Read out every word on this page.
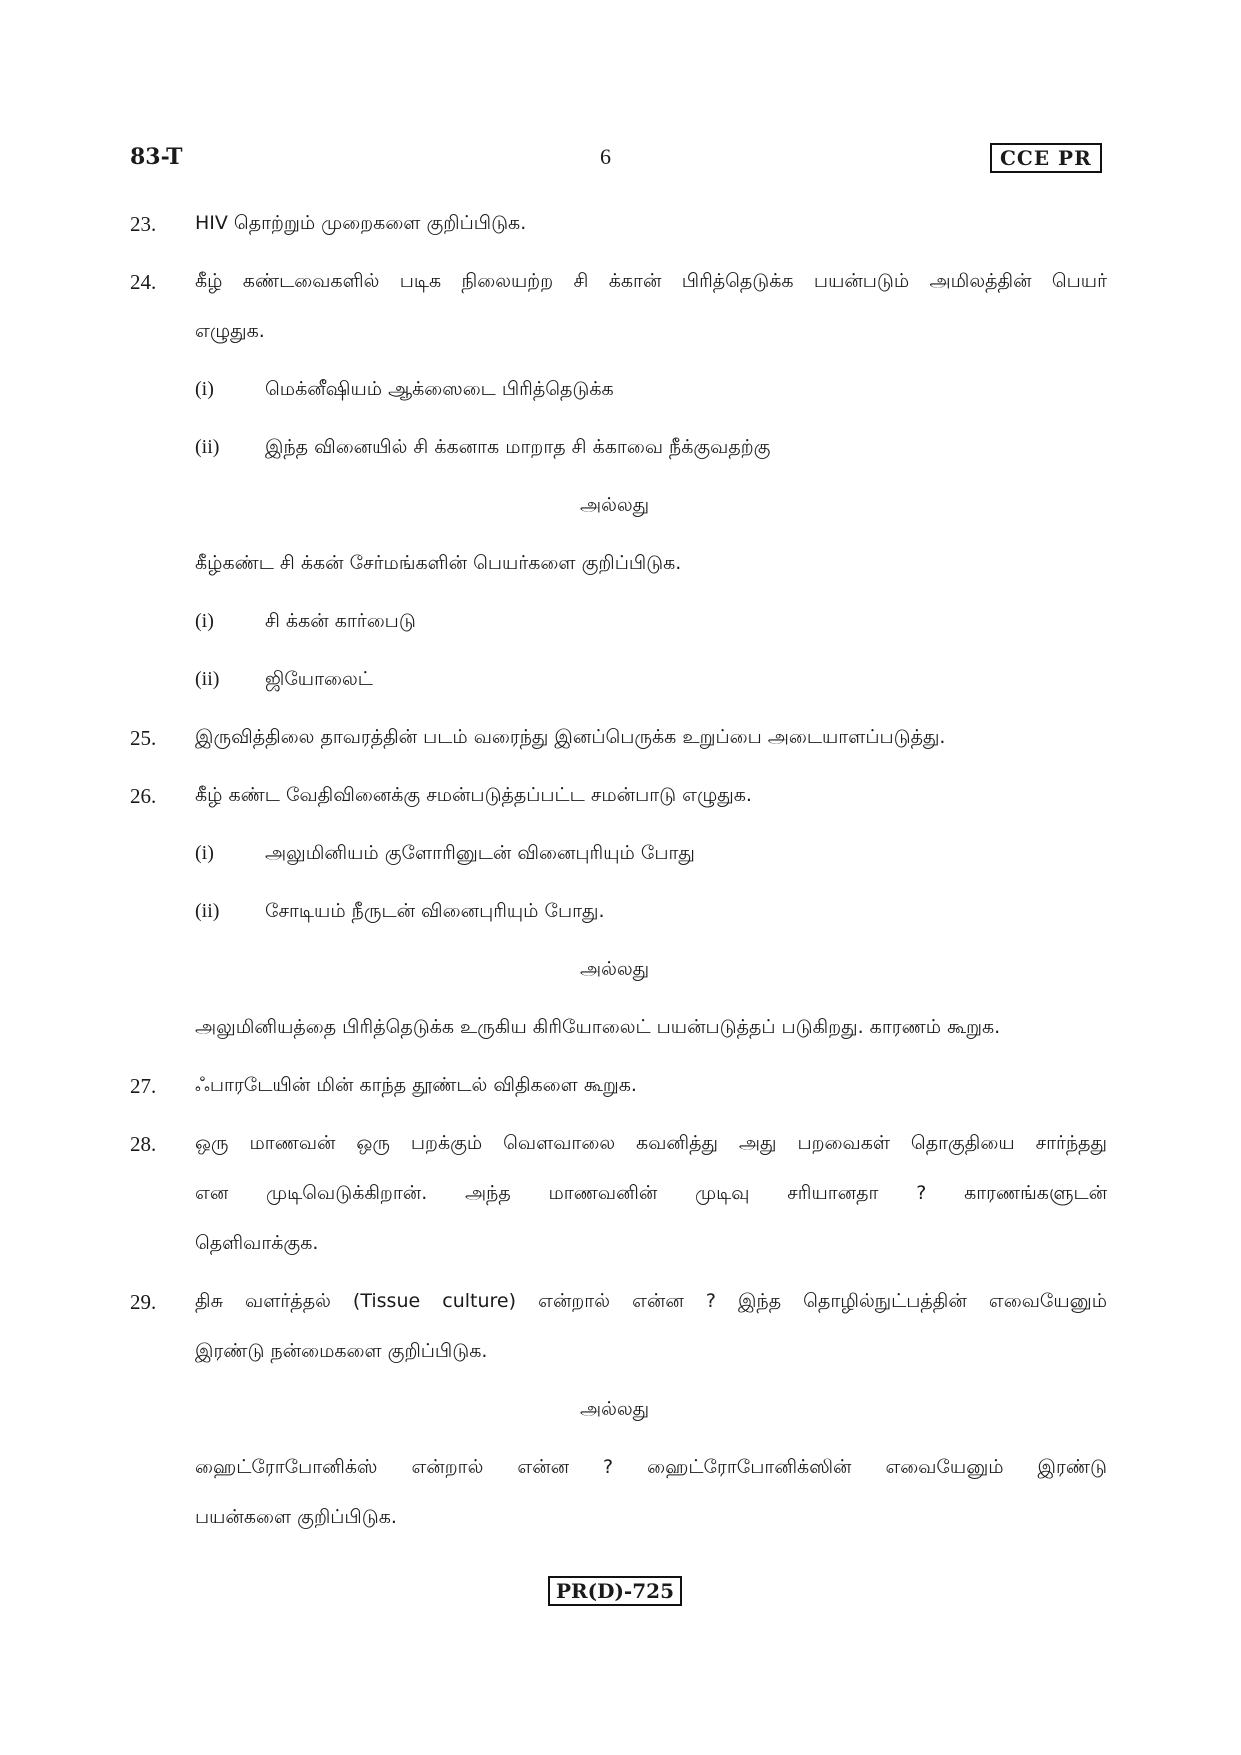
83-T	6	CCE PR
23. HIV தொற்றும் முறைகளை குறிப்பிடுக.
24. கீழ் கண்டவைகளில் படிக நிலையற்ற சி க்கான் பிரித்தெடுக்க பயன்படும் அமிலத்தின் பெயர்
எழுதுக.
(i)	மெக்னீஷியம் ஆக்ஸைடை பிரித்தெடுக்க
(ii) இந்த வினையில் சி க்கனாக மாறாத சி க்காவை நீக்குவதற்கு
அல்லது
கீழ்கண்ட சி க்கன் சேர்மங்களின் பெயர்களை குறிப்பிடுக.
(i)	சி க்கன் கார்பைடு
(ii) ஜியோலைட்
25. இருவித்திலை தாவரத்தின் படம் வரைந்து இனப்பெருக்க உறுப்பை அடையாளப்படுத்து.
26. கீழ் கண்ட வேதிவினைக்கு சமன்படுத்தப்பட்ட சமன்பாடு எழுதுக.
(i)	அலுமினியம் குளோரினுடன் வினைபுரியும் போது
(ii) சோடியம் நீருடன் வினைபுரியும் போது.
அல்லது
அலுமினியத்தை பிரித்தெடுக்க உருகிய கிரியோலைட் பயன்படுத்தப் படுகிறது. காரணம் கூறுக.
27. ஃபாரடேயின் மின் காந்த தூண்டல் விதிகளை கூறுக.
28. ஒரு மாணவன் ஒரு பறக்கும் வௌவாலை கவனித்து அது பறவைகள் தொகுதியை சார்ந்தது
என முடிவெடுக்கிறான். அந்த மாணவனின் முடிவு சரியானதா ? காரணங்களுடன்
தெளிவாக்குக.
29. திசு வளர்த்தல் (Tissue culture) என்றால் என்ன ? இந்த தொழில்நுட்பத்தின் எவையேனும்
இரண்டு நன்மைகளை குறிப்பிடுக.
அல்லது
ஹைட்ரோபோனிக்ஸ் என்றால் என்ன ? ஹைட்ரோபோனிக்ஸின் எவையேனும் இரண்டு
பயன்களை குறிப்பிடுக.
PR(D)-725
